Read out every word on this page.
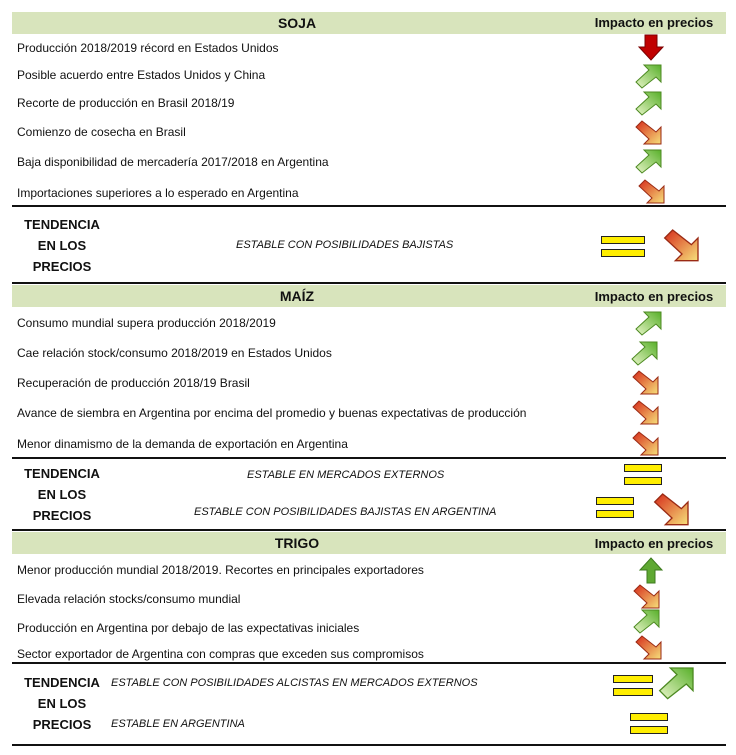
SOJA	Impacto en precios
Producción 2018/2019 récord en Estados Unidos
Posible acuerdo entre Estados Unidos y China
Recorte de producción en Brasil 2018/19
Comienzo de cosecha en Brasil
Baja disponibilidad de mercadería 2017/2018 en Argentina
Importaciones superiores a lo esperado en Argentina
TENDENCIA
EN LOS
PRECIOS
ESTABLE CON POSIBILIDADES BAJISTAS
MAÍZ	Impacto en precios
Consumo mundial supera producción 2018/2019
Cae relación stock/consumo 2018/2019 en Estados Unidos
Recuperación de producción 2018/19 Brasil
Avance de siembra en Argentina por encima del promedio y buenas expectativas de producción
Menor dinamismo de la demanda de exportación en Argentina
TENDENCIA
EN LOS
PRECIOS
ESTABLE EN MERCADOS EXTERNOS
ESTABLE CON POSIBILIDADES BAJISTAS EN ARGENTINA
TRIGO	Impacto en precios
Menor producción mundial 2018/2019. Recortes en principales exportadores
Elevada relación stocks/consumo mundial
Producción en Argentina por debajo de las expectativas iniciales
Sector exportador de Argentina con compras que exceden sus compromisos
TENDENCIA
EN LOS
PRECIOS
ESTABLE CON POSIBILIDADES ALCISTAS EN MERCADOS EXTERNOS
ESTABLE EN ARGENTINA
